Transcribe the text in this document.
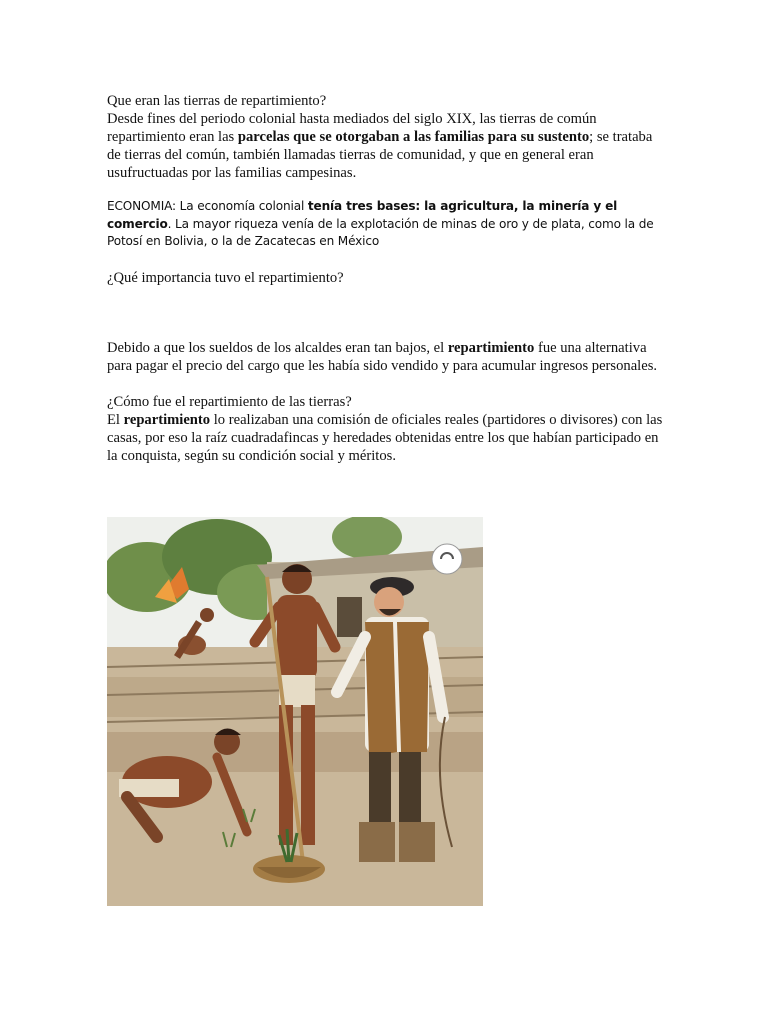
Que eran las tierras de repartimiento?

Desde fines del periodo colonial hasta mediados del siglo XIX, las tierras de común repartimiento eran las parcelas que se otorgaban a las familias para su sustento; se trataba de tierras del común, también llamadas tierras de comunidad, y que en general eran usufructuadas por las familias campesinas.

ECONOMIA: La economía colonial tenía tres bases: la agricultura, la minería y el comercio. La mayor riqueza venía de la explotación de minas de oro y de plata, como la de Potosí en Bolivia, o la de Zacatecas en México

¿Qué importancia tuvo el repartimiento?

Debido a que los sueldos de los alcaldes eran tan bajos, el repartimiento fue una alternativa para pagar el precio del cargo que les había sido vendido y para acumular ingresos personales.

¿Cómo fue el repartimiento de las tierras?

El repartimiento lo realizaban una comisión de oficiales reales (partidores o divisores) con las casas, por eso la raíz cuadradafincas y heredades obtenidas entre los que habían participado en la conquista, según su condición social y méritos.
